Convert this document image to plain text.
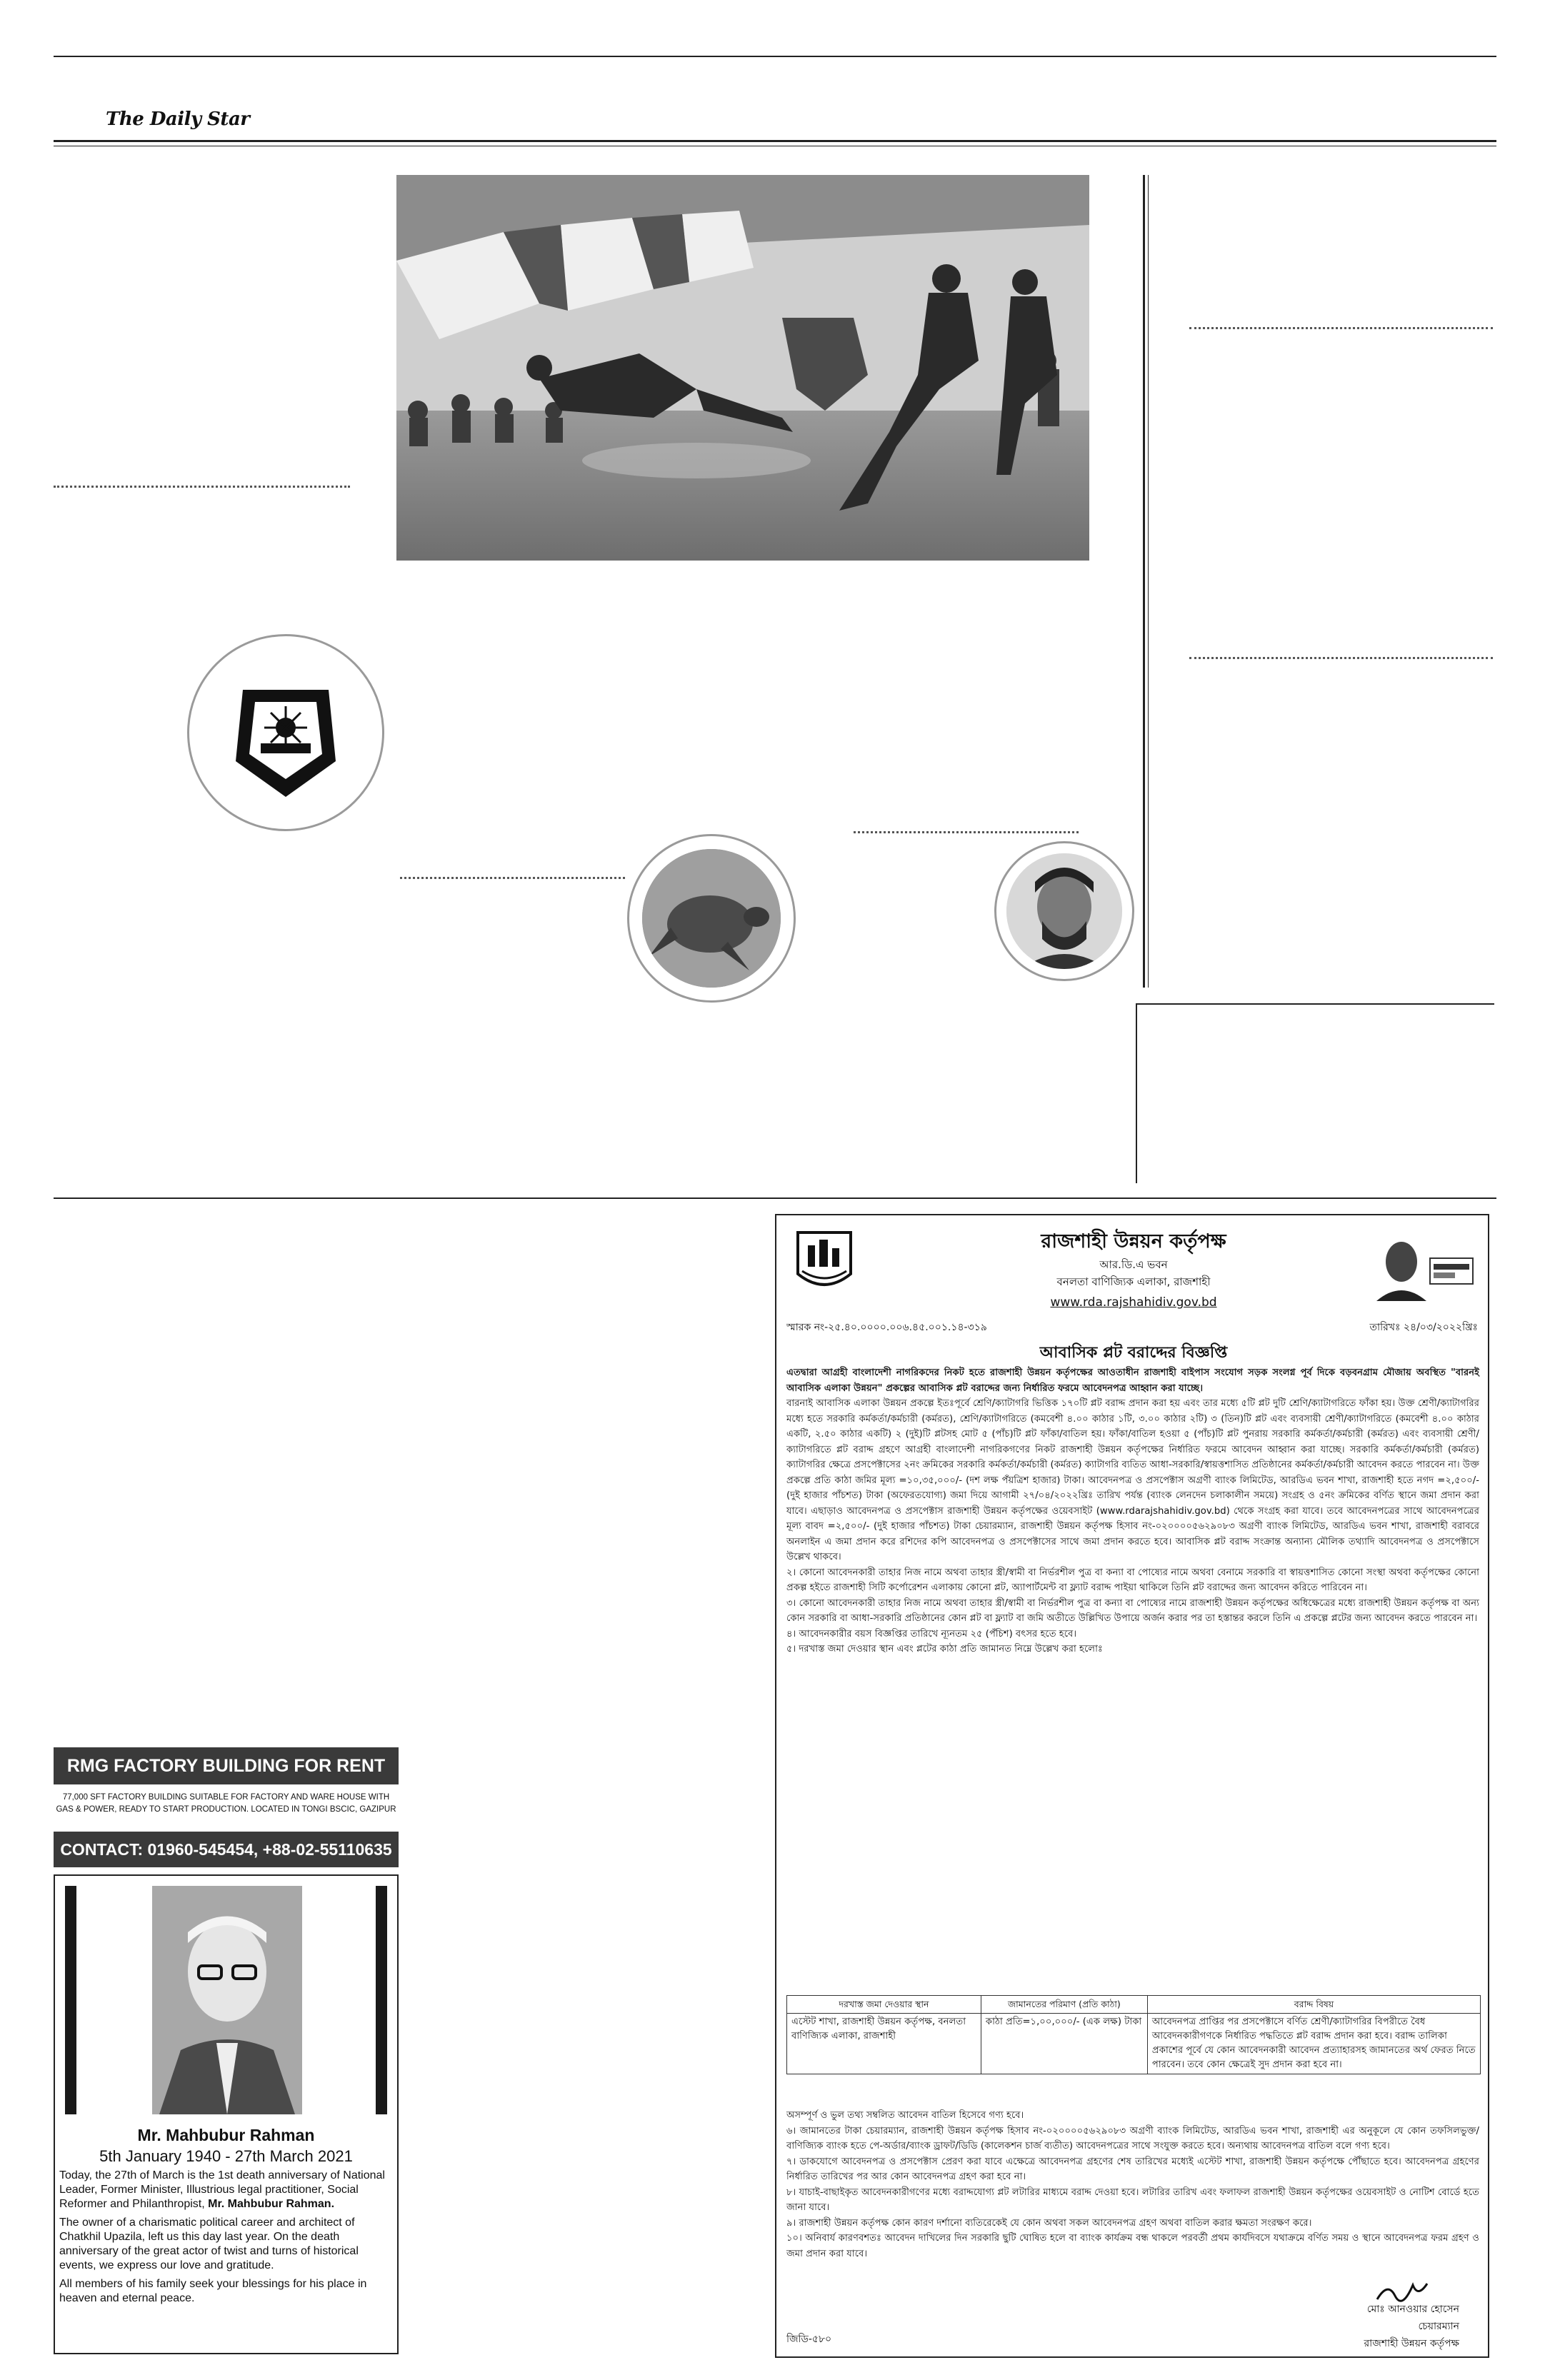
The Daily Star
RMG FACTORY BUILDING FOR RENT
77,000 SFT FACTORY BUILDING SUITABLE FOR FACTORY AND WARE HOUSE WITH GAS & POWER, READY TO START PRODUCTION. LOCATED IN TONGI BSCIC, GAZIPUR
CONTACT: 01960-545454, +88-02-55110635
Mr. Mahbubur Rahman
5th January 1940 - 27th March 2021

Today, the 27th of March is the 1st death anniversary of National Leader, Former Minister, Illustrious legal practitioner, Social Reformer and Philanthropist, Mr. Mahbubur Rahman.

The owner of a charismatic political career and architect of Chatkhil Upazila, left us this day last year. On the death anniversary of the great actor of twist and turns of historical events, we express our love and gratitude.

All members of his family seek your blessings for his place in heaven and eternal peace.

রাজশাহী উন্নয়ন কর্তৃপক্ষ
আর.ডি.এ ভবন
বনলতা বাণিজ্যিক এলাকা, রাজশাহী
www.rda.rajshahidiv.gov.bd
স্মারক নং-২৫.৪০.০০০০.০০৬.৪৫.০০১.১৪-৩১৯	তারিখঃ ২৪/০৩/২০২২খ্রিঃ
আবাসিক প্লট বরাদ্দের বিজ্ঞপ্তি

এতদ্বারা আগ্রহী বাংলাদেশী নাগরিকদের নিকট হতে রাজশাহী উন্নয়ন কর্তৃপক্ষের আওতাধীন রাজশাহী বাইপাস সংযোগ সড়ক সংলগ্ন পূর্ব দিকে বড়বনগ্রাম মৌজায় অবস্থিত "বারনই আবাসিক এলাকা উন্নয়ন" প্রকল্পের আবাসিক প্লট বরাদ্দের জন্য নির্ধারিত ফরমে আবেদনপত্র আহ্বান করা যাচ্ছে।

বারনাই আবাসিক এলাকা উন্নয়ন প্রকল্পে ইতঃপূর্বে শ্রেণি/ক্যাটাগরি ভিত্তিক ১৭০টি প্লট বরাদ্দ প্রদান করা হয় এবং তার মধ্যে ৫টি প্লট দুটি শ্রেণি/ক্যাটাগরিতে ফাঁকা হয়। উক্ত শ্রেণী/ক্যাটাগরির মধ্যে হতে সরকারি কর্মকর্তা/কর্মচারী (কর্মরত), শ্রেণি/ক্যাটাগরিতে (কমবেশী ৪.০০ কাঠার ১টি, ৩.০০ কাঠার ২টি) ৩ (তিন)টি প্লট এবং ব্যবসায়ী শ্রেণী/ক্যাটাগরিতে (কমবেশী ৪.০০ কাঠার একটি, ২.৫০ কাঠার একটি) ২ (দুই)টি প্লটসহ মোট ৫ (পাঁচ)টি প্লট ফাঁকা/বাতিল হয়। ফাঁকা/বাতিল হওয়া ৫ (পাঁচ)টি প্লট পুনরায় সরকারি কর্মকর্তা/কর্মচারী (কর্মরত) এবং ব্যবসায়ী শ্রেণী/ক্যাটাগরিতে প্লট বরাদ্দ গ্রহণে আগ্রহী বাংলাদেশী নাগরিকগণের নিকট রাজশাহী উন্নয়ন কর্তৃপক্ষের নির্ধারিত ফরমে আবেদন আহ্বান করা যাচ্ছে। সরকারি কর্মকর্তা/কর্মচারী (কর্মরত) ক্যাটাগরির ক্ষেত্রে প্রসপেক্টাসের ২নং ক্রমিকের সরকারি কর্মকর্তা/কর্মচারী (কর্মরত) ক্যাটাগরি ব্যতিত আধা-সরকারি/স্বায়ত্তশাসিত প্রতিষ্ঠানের কর্মকর্তা/কর্মচারী আবেদন করতে পারবেন না। উক্ত প্রকল্পে প্রতি কাঠা জমির মূল্য =১০,৩৫,০০০/- (দশ লক্ষ পঁয়ত্রিশ হাজার) টাকা। আবেদনপত্র ও প্রসপেক্টাস অগ্রণী ব্যাংক লিমিটেড, আরডিএ ভবন শাখা, রাজশাহী হতে নগদ =২,৫০০/- (দুই হাজার পাঁচশত) টাকা (অফেরতযোগ্য) জমা দিয়ে আগামী ২৭/০৪/২০২২খ্রিঃ তারিখ পর্যন্ত (ব্যাংক লেনদেন চলাকালীন সময়ে) সংগ্রহ ও ৫নং ক্রমিকের বর্ণিত স্থানে জমা প্রদান করা যাবে। এছাড়াও আবেদনপত্র ও প্রসপেক্টাস রাজশাহী উন্নয়ন কর্তৃপক্ষের ওয়েবসাইট (www.rdarajshahidiv.gov.bd) থেকে সংগ্রহ করা যাবে। তবে আবেদনপত্রের সাথে আবেদনপত্রের মূল্য বাবদ =২,৫০০/- (দুই হাজার পাঁচশত) টাকা চেয়ারম্যান, রাজশাহী উন্নয়ন কর্তৃপক্ষ হিসাব নং-০২০০০০৫৬২৯০৮৩ অগ্রণী ব্যাংক লিমিটেড, আরডিএ ভবন শাখা, রাজশাহী বরাবরে অনলাইন এ জমা প্রদান করে রশিদের কপি আবেদনপত্র ও প্রসপেক্টাসের সাথে জমা প্রদান করতে হবে। আবাসিক প্লট বরাদ্দ সংক্রান্ত অন্যান্য মৌলিক তথ্যাদি আবেদনপত্র ও প্রসপেক্টাসে উল্লেখ থাকবে।

২। কোনো আবেদনকারী তাহার নিজ নামে অথবা তাহার স্ত্রী/স্বামী বা নির্ভরশীল পুত্র বা কন্যা বা পোষ্যের নামে অথবা বেনামে সরকারি বা স্বায়ত্তশাসিত কোনো সংস্থা অথবা কর্তৃপক্ষের কোনো প্রকল্প হইতে রাজশাহী সিটি কর্পোরেশন এলাকায় কোনো প্লট, অ্যাপার্টমেন্ট বা ফ্ল্যাট বরাদ্দ পাইয়া থাকিলে তিনি প্লট বরাদ্দের জন্য আবেদন করিতে পারিবেন না।

৩। কোনো আবেদনকারী তাহার নিজ নামে অথবা তাহার স্ত্রী/স্বামী বা নির্ভরশীল পুত্র বা কন্যা বা পোষ্যের নামে রাজশাহী উন্নয়ন কর্তৃপক্ষের অধিক্ষেত্রের মধ্যে রাজশাহী উন্নয়ন কর্তৃপক্ষ বা অন্য কোন সরকারি বা আধা-সরকারি প্রতিষ্ঠানের কোন প্লট বা ফ্ল্যাট বা জমি অতীতে উল্লিখিত উপায়ে অর্জন করার পর তা হস্তান্তর করলে তিনি এ প্রকল্পে প্লটের জন্য আবেদন করতে পারবেন না।

৪। আবেদনকারীর বয়স বিজ্ঞপ্তির তারিখে ন্যূনতম ২৫ (পঁচিশ) বৎসর হতে হবে।

৫। দরখাস্ত জমা দেওয়ার স্থান এবং প্লটের কাঠা প্রতি জামানত নিম্নে উল্লেখ করা হলোঃ

দরখাস্ত জমা দেওয়ার স্থান	জামানতের পরিমাণ (প্রতি কাঠা)	বরাদ্দ বিষয়
এস্টেট শাখা, রাজশাহী উন্নয়ন কর্তৃপক্ষ, বনলতা বাণিজ্যিক এলাকা, রাজশাহী	কাঠা প্রতি=১,০০,০০০/- (এক লক্ষ) টাকা	আবেদনপত্র প্রাপ্তির পর প্রসপেক্টাসে বর্ণিত শ্রেণী/ক্যাটাগরির বিপরীতে বৈধ আবেদনকারীগণকে নির্ধারিত পদ্ধতিতে প্লট বরাদ্দ প্রদান করা হবে। বরাদ্দ তালিকা প্রকাশের পূর্বে যে কোন আবেদনকারী আবেদন প্রত্যাহারসহ জামানতের অর্থ ফেরত নিতে পারবেন। তবে কোন ক্ষেত্রেই সুদ প্রদান করা হবে না।

অসম্পূর্ণ ও ভুল তথ্য সম্বলিত আবেদন বাতিল হিসেবে গণ্য হবে।

৬। জামানতের টাকা চেয়ারম্যান, রাজশাহী উন্নয়ন কর্তৃপক্ষ হিসাব নং-০২০০০০৫৬২৯০৮৩ অগ্রণী ব্যাংক লিমিটেড, আরডিএ ভবন শাখা, রাজশাহী এর অনুকূলে যে কোন তফসিলভুক্ত/বাণিজ্যিক ব্যাংক হতে পে-অর্ডার/ব্যাংক ড্রাফট/ডিডি (কালেকশন চার্জ ব্যতীত) আবেদনপত্রের সাথে সংযুক্ত করতে হবে। অন্যথায় আবেদনপত্র বাতিল বলে গণ্য হবে।

৭। ডাকযোগে আবেদনপত্র ও প্রসপেক্টাস প্রেরণ করা যাবে এক্ষেত্রে আবেদনপত্র গ্রহণের শেষ তারিখের মধ্যেই এস্টেট শাখা, রাজশাহী উন্নয়ন কর্তৃপক্ষে পৌঁছাতে হবে। আবেদনপত্র গ্রহণের নির্ধারিত তারিখের পর আর কোন আবেদনপত্র গ্রহণ করা হবে না।

৮। যাচাই-বাছাইকৃত আবেদনকারীগণের মধ্যে বরাদ্দযোগ্য প্লট লটারির মাধ্যমে বরাদ্দ দেওয়া হবে। লটারির তারিখ এবং ফলাফল রাজশাহী উন্নয়ন কর্তৃপক্ষের ওয়েবসাইট ও নোটিশ বোর্ডে হতে জানা যাবে।

৯। রাজশাহী উন্নয়ন কর্তৃপক্ষ কোন কারণ দর্শানো ব্যতিরেকেই যে কোন অথবা সকল আবেদনপত্র গ্রহণ অথবা বাতিল করার ক্ষমতা সংরক্ষণ করে।

১০। অনিবার্য কারণবশতঃ আবেদন দাখিলের দিন সরকারি ছুটি ঘোষিত হলে বা ব্যাংক কার্যক্রম বন্ধ থাকলে পরবর্তী প্রথম কার্যদিবসে যথাক্রমে বর্ণিত সময় ও স্থানে আবেদনপত্র ফরম গ্রহণ ও জমা প্রদান করা যাবে।

মোঃ আনওয়ার হোসেন
চেয়ারম্যান
রাজশাহী উন্নয়ন কর্তৃপক্ষ
জিডি-৫৮০
